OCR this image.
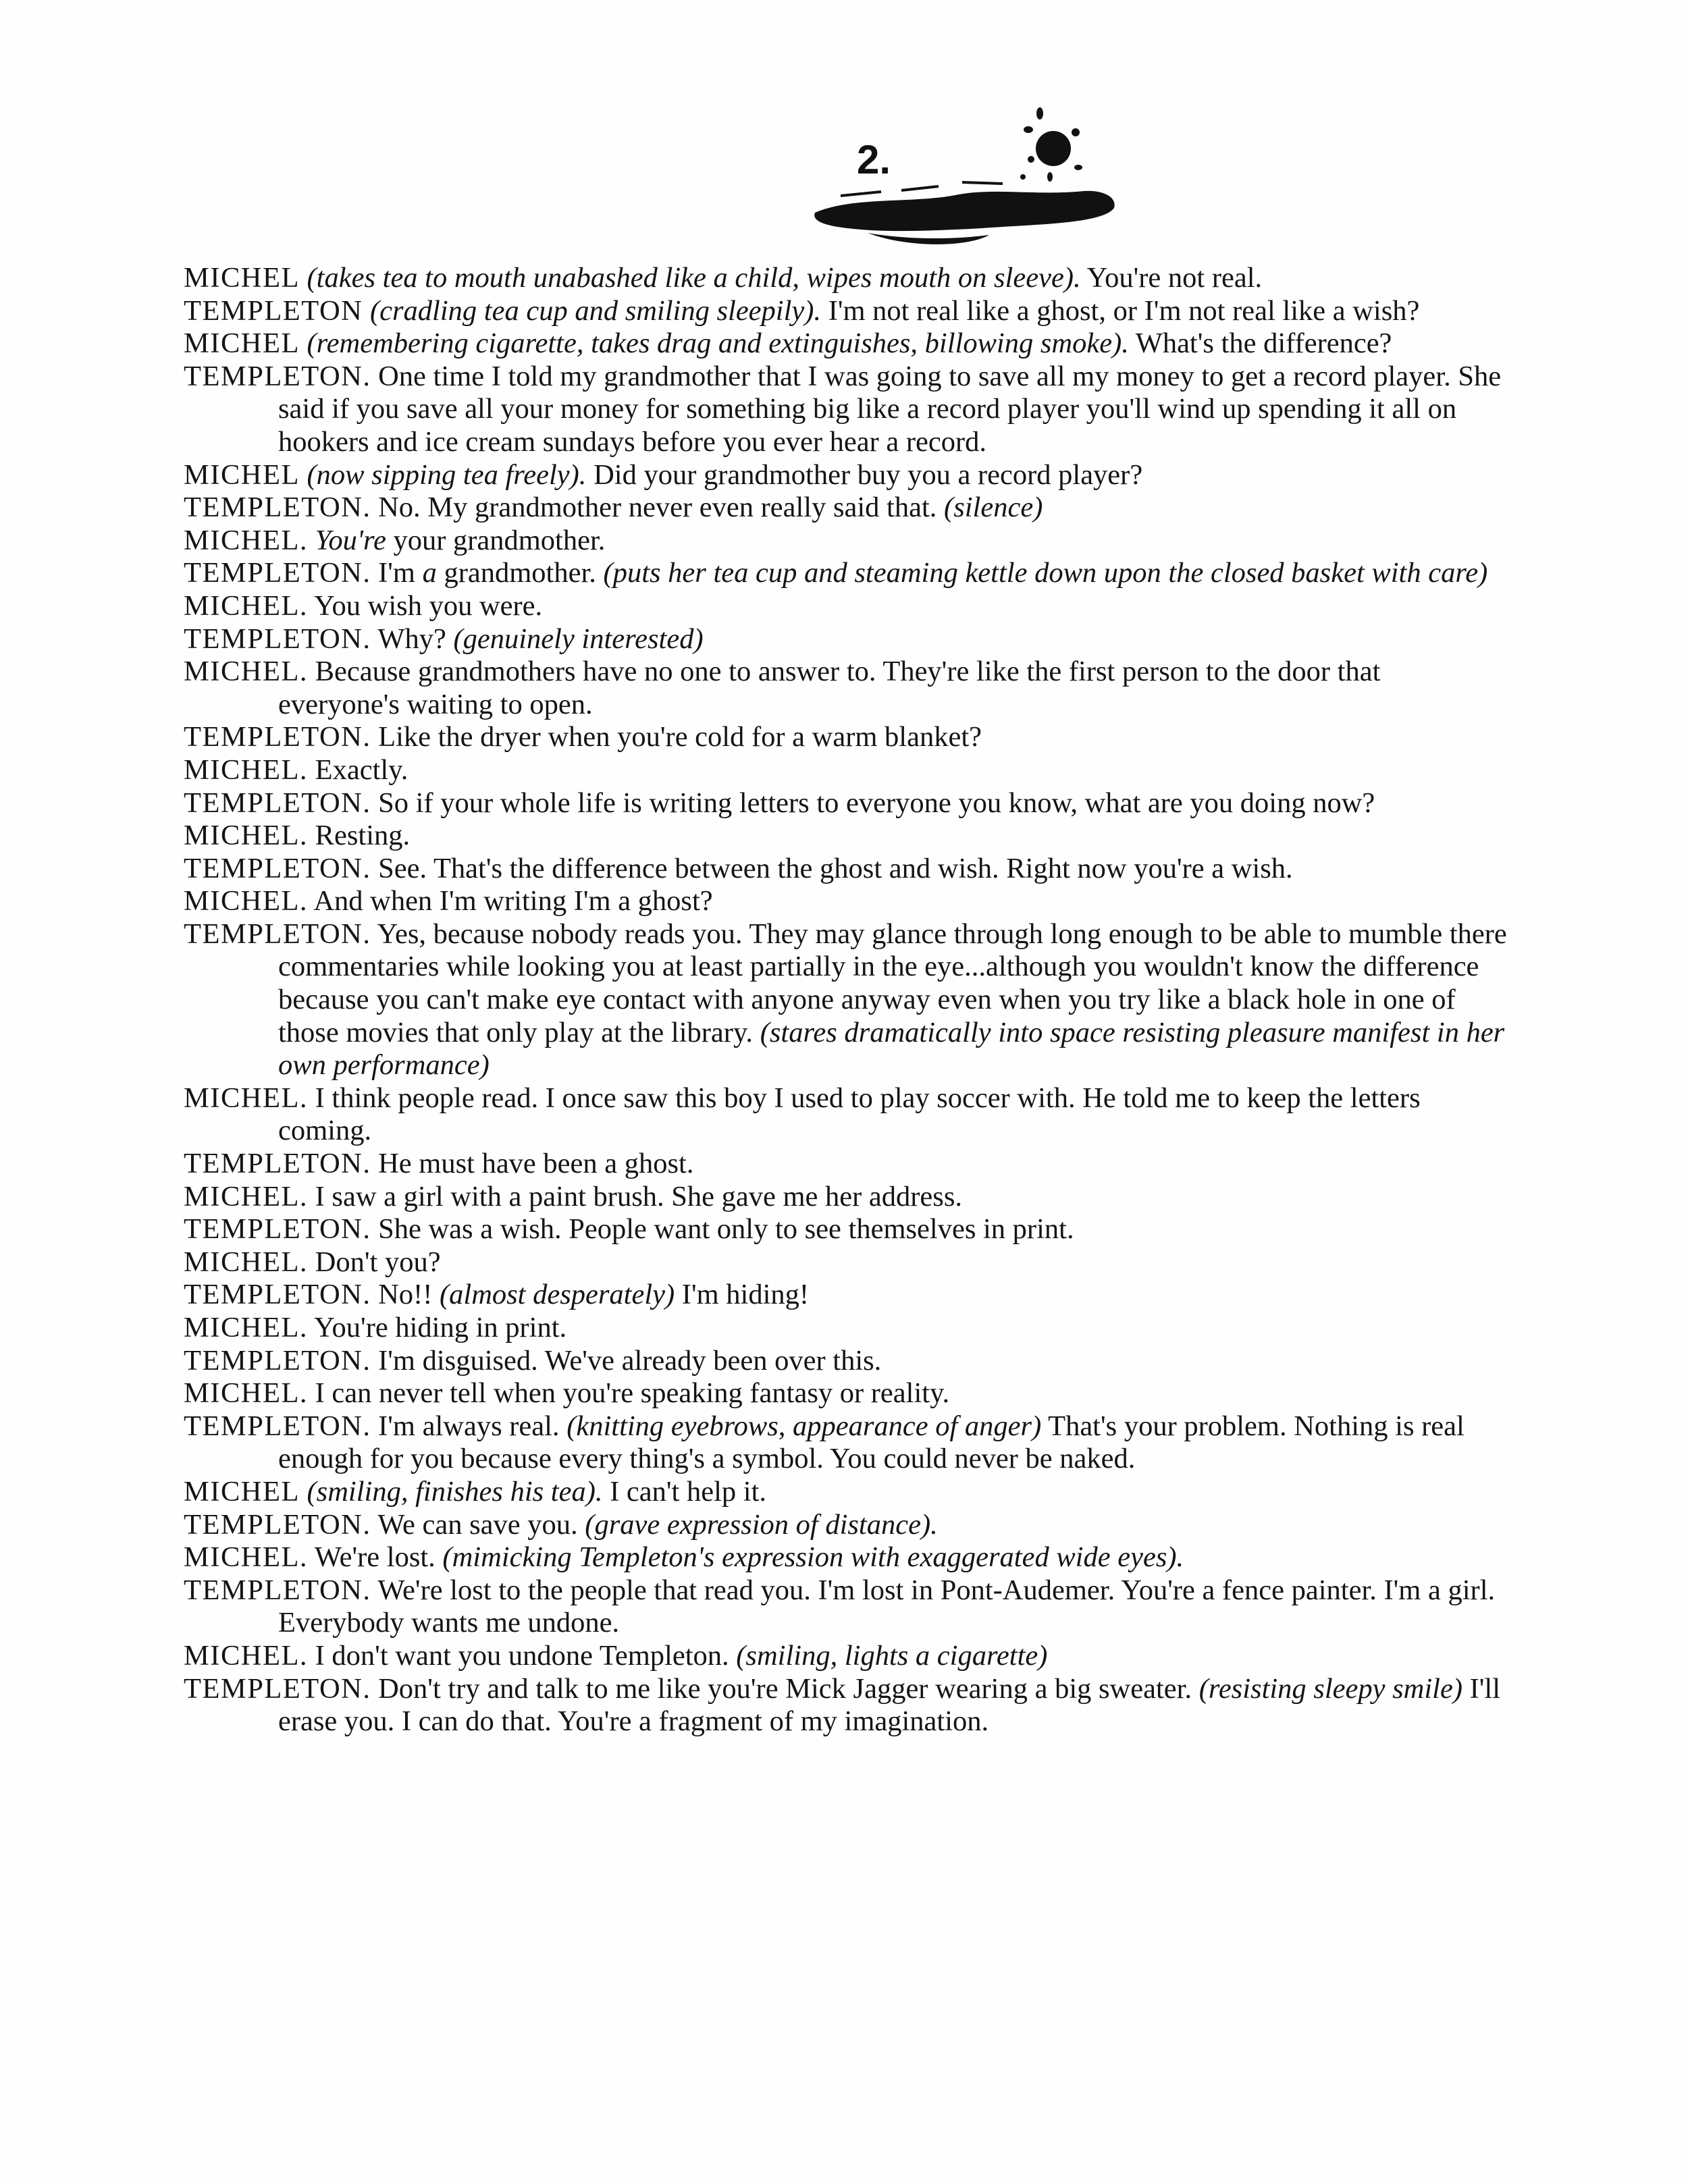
2.
MICHEL (takes tea to mouth unabashed like a child, wipes mouth on sleeve). You're not real.
TEMPLETON (cradling tea cup and smiling sleepily). I'm not real like a ghost, or I'm not real like a wish?
MICHEL (remembering cigarette, takes drag and extinguishes, billowing smoke). What's the difference?
TEMPLETON. One time I told my grandmother that I was going to save all my money to get a record player. She said if you save all your money for something big like a record player you'll wind up spending it all on hookers and ice cream sundays before you ever hear a record.
MICHEL (now sipping tea freely). Did your grandmother buy you a record player?
TEMPLETON. No. My grandmother never even really said that. (silence)
MICHEL. You're your grandmother.
TEMPLETON. I'm a grandmother. (puts her tea cup and steaming kettle down upon the closed basket with care)
MICHEL. You wish you were.
TEMPLETON. Why? (genuinely interested)
MICHEL. Because grandmothers have no one to answer to. They're like the first person to the door that everyone's waiting to open.
TEMPLETON. Like the dryer when you're cold for a warm blanket?
MICHEL. Exactly.
TEMPLETON. So if your whole life is writing letters to everyone you know, what are you doing now?
MICHEL. Resting.
TEMPLETON. See. That's the difference between the ghost and wish. Right now you're a wish.
MICHEL. And when I'm writing I'm a ghost?
TEMPLETON. Yes, because nobody reads you. They may glance through long enough to be able to mumble there commentaries while looking you at least partially in the eye...although you wouldn't know the difference because you can't make eye contact with anyone anyway even when you try like a black hole in one of those movies that only play at the library. (stares dramatically into space resisting pleasure manifest in her own performance)
MICHEL. I think people read. I once saw this boy I used to play soccer with. He told me to keep the letters coming.
TEMPLETON. He must have been a ghost.
MICHEL. I saw a girl with a paint brush. She gave me her address.
TEMPLETON. She was a wish. People want only to see themselves in print.
MICHEL. Don't you?
TEMPLETON. No!! (almost desperately) I'm hiding!
MICHEL. You're hiding in print.
TEMPLETON. I'm disguised. We've already been over this.
MICHEL. I can never tell when you're speaking fantasy or reality.
TEMPLETON. I'm always real. (knitting eyebrows, appearance of anger) That's your problem. Nothing is real enough for you because every thing's a symbol. You could never be naked.
MICHEL (smiling, finishes his tea). I can't help it.
TEMPLETON. We can save you. (grave expression of distance).
MICHEL. We're lost. (mimicking Templeton's expression with exaggerated wide eyes).
TEMPLETON. We're lost to the people that read you. I'm lost in Pont-Audemer. You're a fence painter. I'm a girl. Everybody wants me undone.
MICHEL. I don't want you undone Templeton. (smiling, lights a cigarette)
TEMPLETON. Don't try and talk to me like you're Mick Jagger wearing a big sweater. (resisting sleepy smile) I'll erase you. I can do that. You're a fragment of my imagination.
